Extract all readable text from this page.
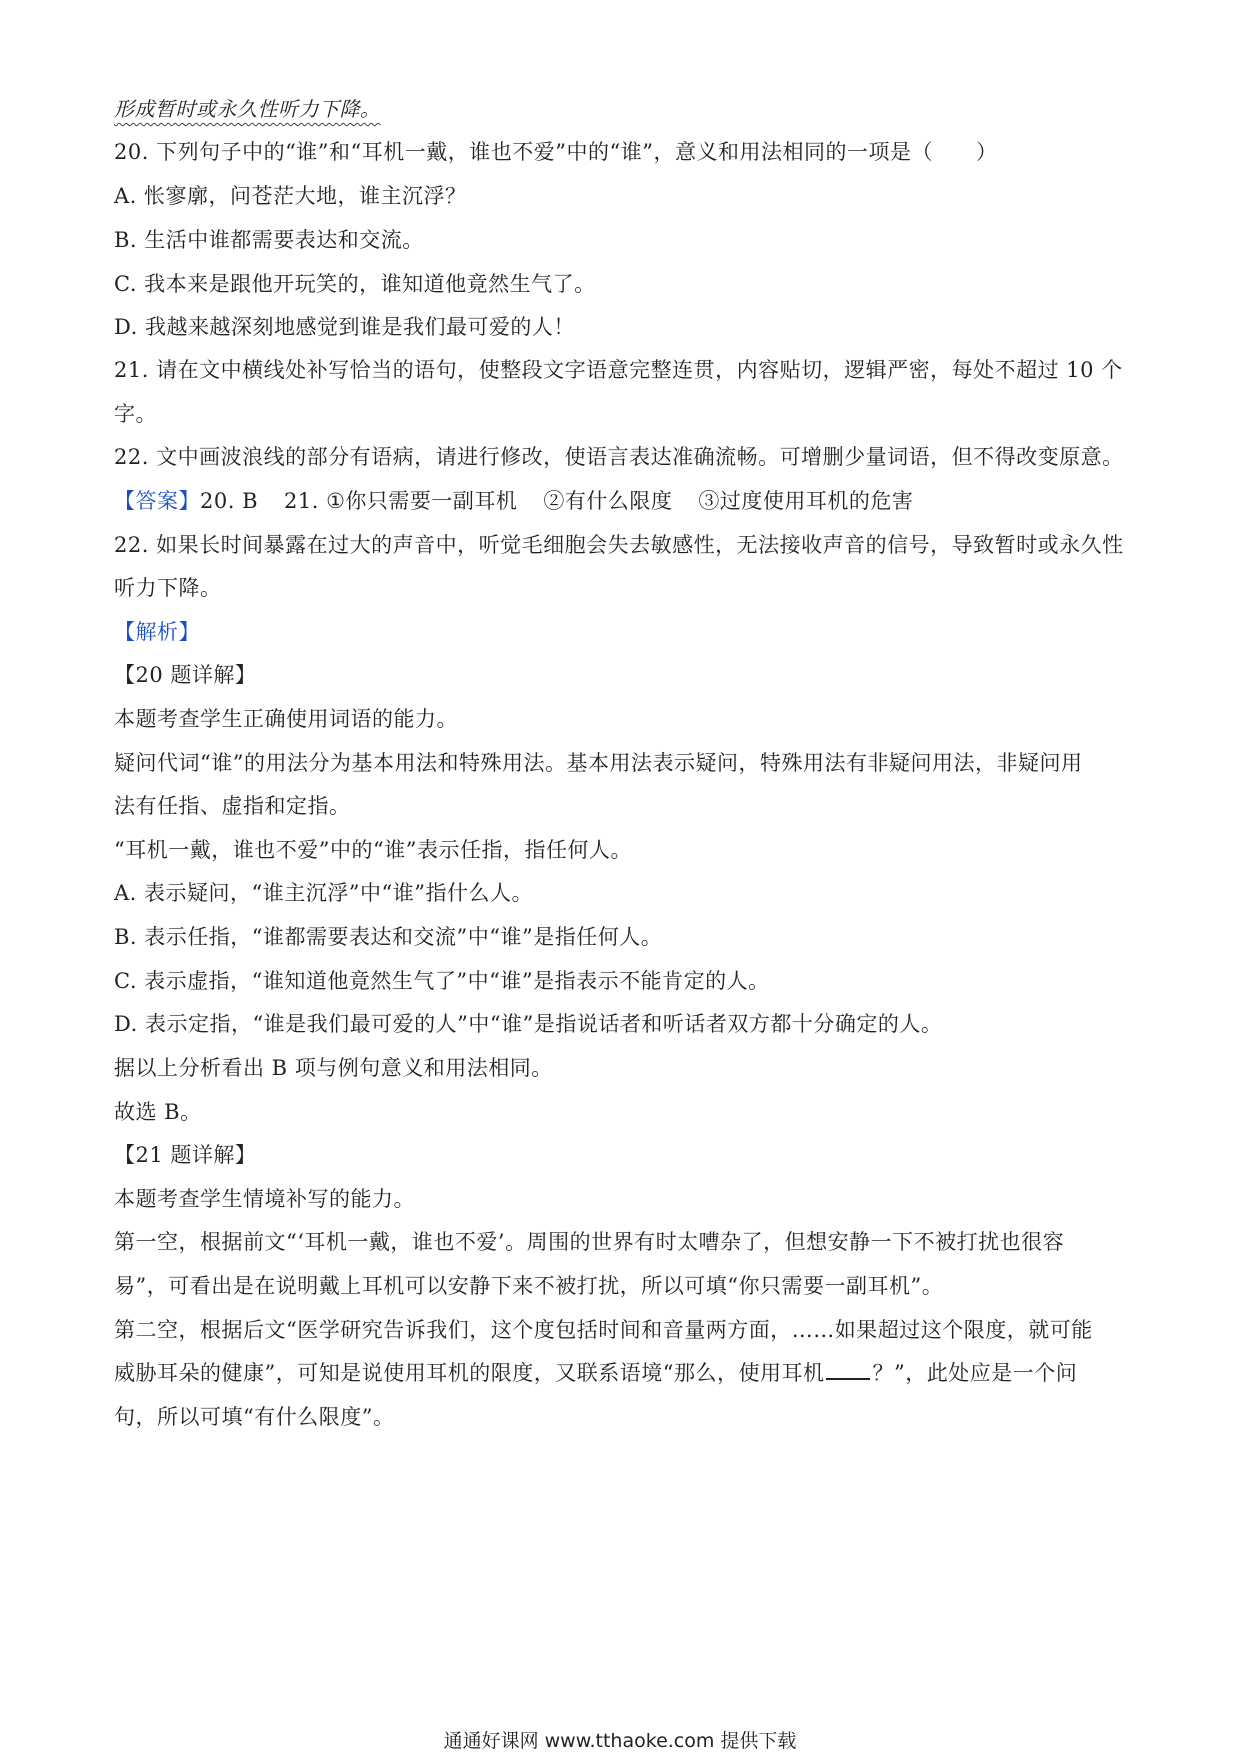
形成暂时或永久性听力下降。
20. 下列句子中的“谁”和“耳机一戴，谁也不爱”中的“谁”，意义和用法相同的一项是（　　）
A. 怅寥廓，问苍茫大地，谁主沉浮？
B. 生活中谁都需要表达和交流。
C. 我本来是跟他开玩笑的，谁知道他竟然生气了。
D. 我越来越深刻地感觉到谁是我们最可爱的人！
21. 请在文中横线处补写恰当的语句，使整段文字语意完整连贯，内容贴切，逻辑严密，每处不超过 10 个
字。
22. 文中画波浪线的部分有语病，请进行修改，使语言表达准确流畅。可增删少量词语，但不得改变原意。
【答案】20. B 21. ①你只需要一副耳机 ②有什么限度 ③过度使用耳机的危害
22. 如果长时间暴露在过大的声音中，听觉毛细胞会失去敏感性，无法接收声音的信号，导致暂时或永久性
听力下降。
【解析】
【20 题详解】
本题考查学生正确使用词语的能力。
疑问代词“谁”的用法分为基本用法和特殊用法。基本用法表示疑问，特殊用法有非疑问用法，非疑问用
法有任指、虚指和定指。
“耳机一戴，谁也不爱”中的“谁”表示任指，指任何人。
A. 表示疑问，“谁主沉浮”中“谁”指什么人。
B. 表示任指，“谁都需要表达和交流”中“谁”是指任何人。
C. 表示虚指，“谁知道他竟然生气了”中“谁”是指表示不能肯定的人。
D. 表示定指，“谁是我们最可爱的人”中“谁”是指说话者和听话者双方都十分确定的人。
据以上分析看出 B 项与例句意义和用法相同。
故选 B。
【21 题详解】
本题考查学生情境补写的能力。
第一空，根据前文“‘耳机一戴，谁也不爱’。周围的世界有时太嘈杂了，但想安静一下不被打扰也很容
易”，可看出是在说明戴上耳机可以安静下来不被打扰，所以可填“你只需要一副耳机”。
第二空，根据后文“医学研究告诉我们，这个度包括时间和音量两方面，……如果超过这个限度，就可能
威胁耳朵的健康”，可知是说使用耳机的限度，又联系语境“那么，使用耳机 ？”，此处应是一个问
句，所以可填“有什么限度”。
通通好课网 www.tthaoke.com 提供下载
